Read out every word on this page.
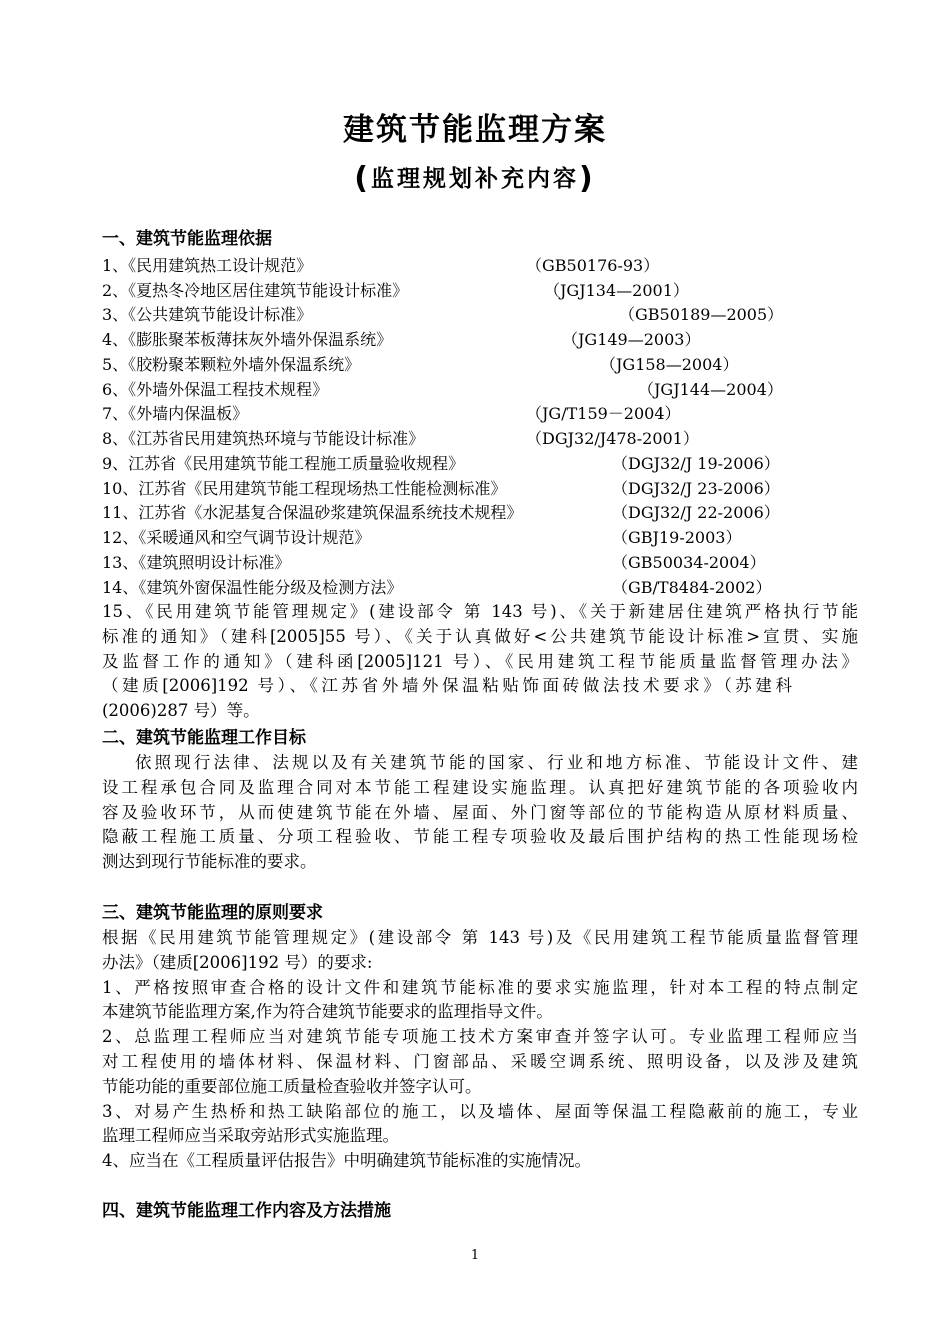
建筑节能监理方案
(监理规划补充内容)
一、建筑节能监理依据
1、《民用建筑热工设计规范》	（GB50176-93）
2、《夏热冬冷地区居住建筑节能设计标准》	（JGJ134—2001）
3、《公共建筑节能设计标准》	（GB50189—2005）
4、《膨胀聚苯板薄抹灰外墙外保温系统》	（JG149—2003）
5、《胶粉聚苯颗粒外墙外保温系统》	（JG158—2004）
6、《外墙外保温工程技术规程》	（JGJ144—2004）
7、《外墙内保温板》	（JG/T159－2004）
8、《江苏省民用建筑热环境与节能设计标准》	（DGJ32/J478-2001）
9、江苏省《民用建筑节能工程施工质量验收规程》	（DGJ32/J 19-2006）
10、江苏省《民用建筑节能工程现场热工性能检测标准》	（DGJ32/J 23-2006）
11、江苏省《水泥基复合保温砂浆建筑保温系统技术规程》	（DGJ32/J 22-2006）
12、《采暖通风和空气调节设计规范》	（GBJ19-2003）
13、《建筑照明设计标准》	（GB50034-2004）
14、《建筑外窗保温性能分级及检测方法》	（GB/T8484-2002）
15、《民用建筑节能管理规定》(建设部令 第 143 号)、《关于新建居住建筑严格执行节能
标准的通知》（建科[2005]55 号）、《关于认真做好<公共建筑节能设计标准>宣贯、实施
及监督工作的通知》（建科函[2005]121 号）、《民用建筑工程节能质量监督管理办法》
（建质[2006]192 号）、《江苏省外墙外保温粘贴饰面砖做法技术要求》（苏建科
(2006)287 号）等。
二、建筑节能监理工作目标
依照现行法律、法规以及有关建筑节能的国家、行业和地方标准、节能设计文件、建
设工程承包合同及监理合同对本节能工程建设实施监理。认真把好建筑节能的各项验收内
容及验收环节，从而使建筑节能在外墙、屋面、外门窗等部位的节能构造从原材料质量、
隐蔽工程施工质量、分项工程验收、节能工程专项验收及最后围护结构的热工性能现场检
测达到现行节能标准的要求。
三、建筑节能监理的原则要求
根据《民用建筑节能管理规定》(建设部令 第 143 号)及《民用建筑工程节能质量监督管理
办法》（建质[2006]192 号）的要求:
1、严格按照审查合格的设计文件和建筑节能标准的要求实施监理，针对本工程的特点制定
本建筑节能监理方案,作为符合建筑节能要求的监理指导文件。
2、总监理工程师应当对建筑节能专项施工技术方案审查并签字认可。专业监理工程师应当
对工程使用的墙体材料、保温材料、门窗部品、采暖空调系统、照明设备，以及涉及建筑
节能功能的重要部位施工质量检查验收并签字认可。
3、对易产生热桥和热工缺陷部位的施工，以及墙体、屋面等保温工程隐蔽前的施工，专业
监理工程师应当采取旁站形式实施监理。
4、应当在《工程质量评估报告》中明确建筑节能标准的实施情况。
四、建筑节能监理工作内容及方法措施
1
